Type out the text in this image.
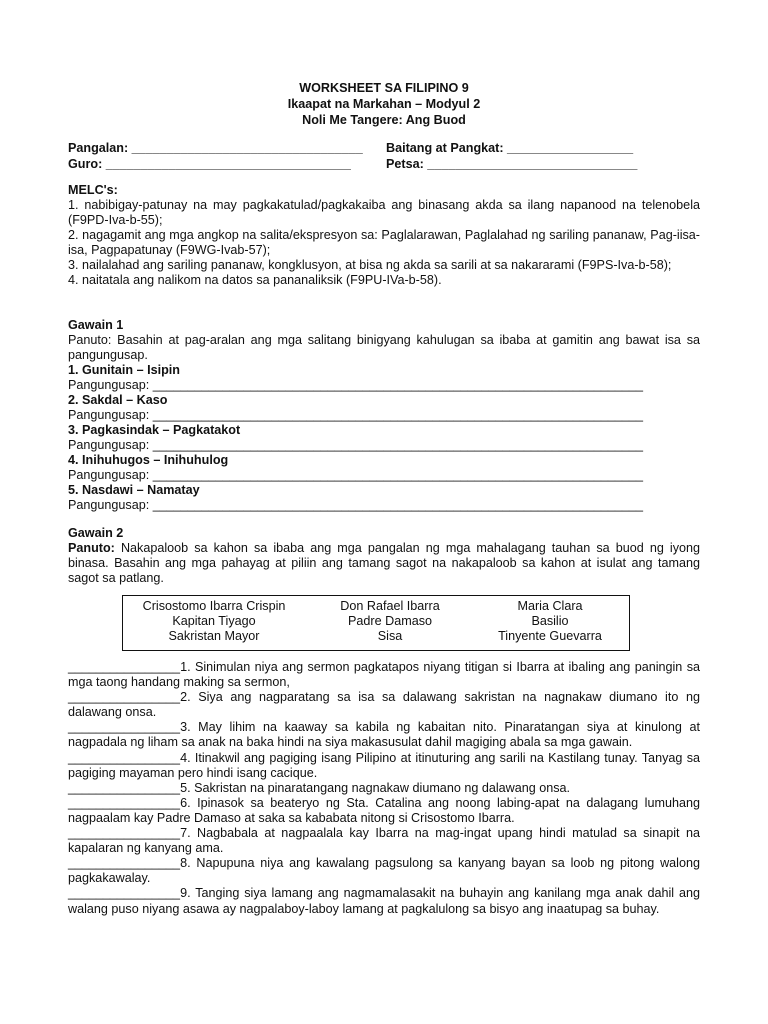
WORKSHEET SA FILIPINO 9
Ikaapat na Markahan – Modyul 2
Noli Me Tangere: Ang Buod
Pangalan: _________________________________	Baitang at Pangkat: __________________
Guro: ___________________________________	Petsa: ______________________________

MELC's:

1. nabibigay-patunay na may pagkakatulad/pagkakaiba ang binasang akda sa ilang napanood na telenobela (F9PD-Iva-b-55);

2. nagagamit ang mga angkop na salita/ekspresyon sa: Paglalarawan, Paglalahad ng sariling pananaw, Pag-iisa-isa, Pagpapatunay (F9WG-Ivab-57);

3. nailalahad ang sariling pananaw, kongklusyon, at bisa ng akda sa sarili at sa nakararami (F9PS-Iva-b-58);

4. naitatala ang nalikom na datos sa pananaliksik (F9PU-IVa-b-58).

Gawain 1

Panuto: Basahin at pag-aralan ang mga salitang binigyang kahulugan sa ibaba at gamitin ang bawat isa sa pangungusap.

1. Gunitain – Isipin

Pangungusap: ______________________________________________________________________

2. Sakdal – Kaso

Pangungusap: ______________________________________________________________________

3. Pagkasindak – Pagkatakot

Pangungusap: ______________________________________________________________________

4. Inihuhugos – Inihuhulog

Pangungusap: ______________________________________________________________________

5. Nasdawi – Namatay

Pangungusap: ______________________________________________________________________

Gawain 2

Panuto: Nakapaloob sa kahon sa ibaba ang mga pangalan ng mga mahalagang tauhan sa buod ng iyong binasa. Basahin ang mga pahayag at piliin ang tamang sagot na nakapaloob sa kahon at isulat ang tamang sagot sa patlang.

Crisostomo Ibarra Crispin	Don Rafael Ibarra	Maria Clara
Kapitan Tiyago	Padre Damaso	Basilio
Sakristan Mayor	Sisa	Tinyente Guevarra

________________1. Sinimulan niya ang sermon pagkatapos niyang titigan si Ibarra at ibaling ang paningin sa mga taong handang making sa sermon,

________________2. Siya ang nagparatang sa isa sa dalawang sakristan na nagnakaw diumano ito ng dalawang onsa.

________________3. May lihim na kaaway sa kabila ng kabaitan nito. Pinaratangan siya at kinulong at nagpadala ng liham sa anak na baka hindi na siya makasusulat dahil magiging abala sa mga gawain.

________________4. Itinakwil ang pagiging isang Pilipino at itinuturing ang sarili na Kastilang tunay. Tanyag sa pagiging mayaman pero hindi isang cacique.

________________5. Sakristan na pinaratangang nagnakaw diumano ng dalawang onsa.

________________6. Ipinasok sa beateryo ng Sta. Catalina ang noong labing-apat na dalagang lumuhang nagpaalam kay Padre Damaso at saka sa kababata nitong si Crisostomo Ibarra.

________________7. Nagbabala at nagpaalala kay Ibarra na mag-ingat upang hindi matulad sa sinapit na kapalaran ng kanyang ama.

________________8. Napupuna niya ang kawalang pagsulong sa kanyang bayan sa loob ng pitong walong pagkakawalay.

________________9. Tanging siya lamang ang nagmamalasakit na buhayin ang kanilang mga anak dahil ang walang puso niyang asawa ay nagpalaboy-laboy lamang at pagkalulong sa bisyo ang inaatupag sa buhay.
